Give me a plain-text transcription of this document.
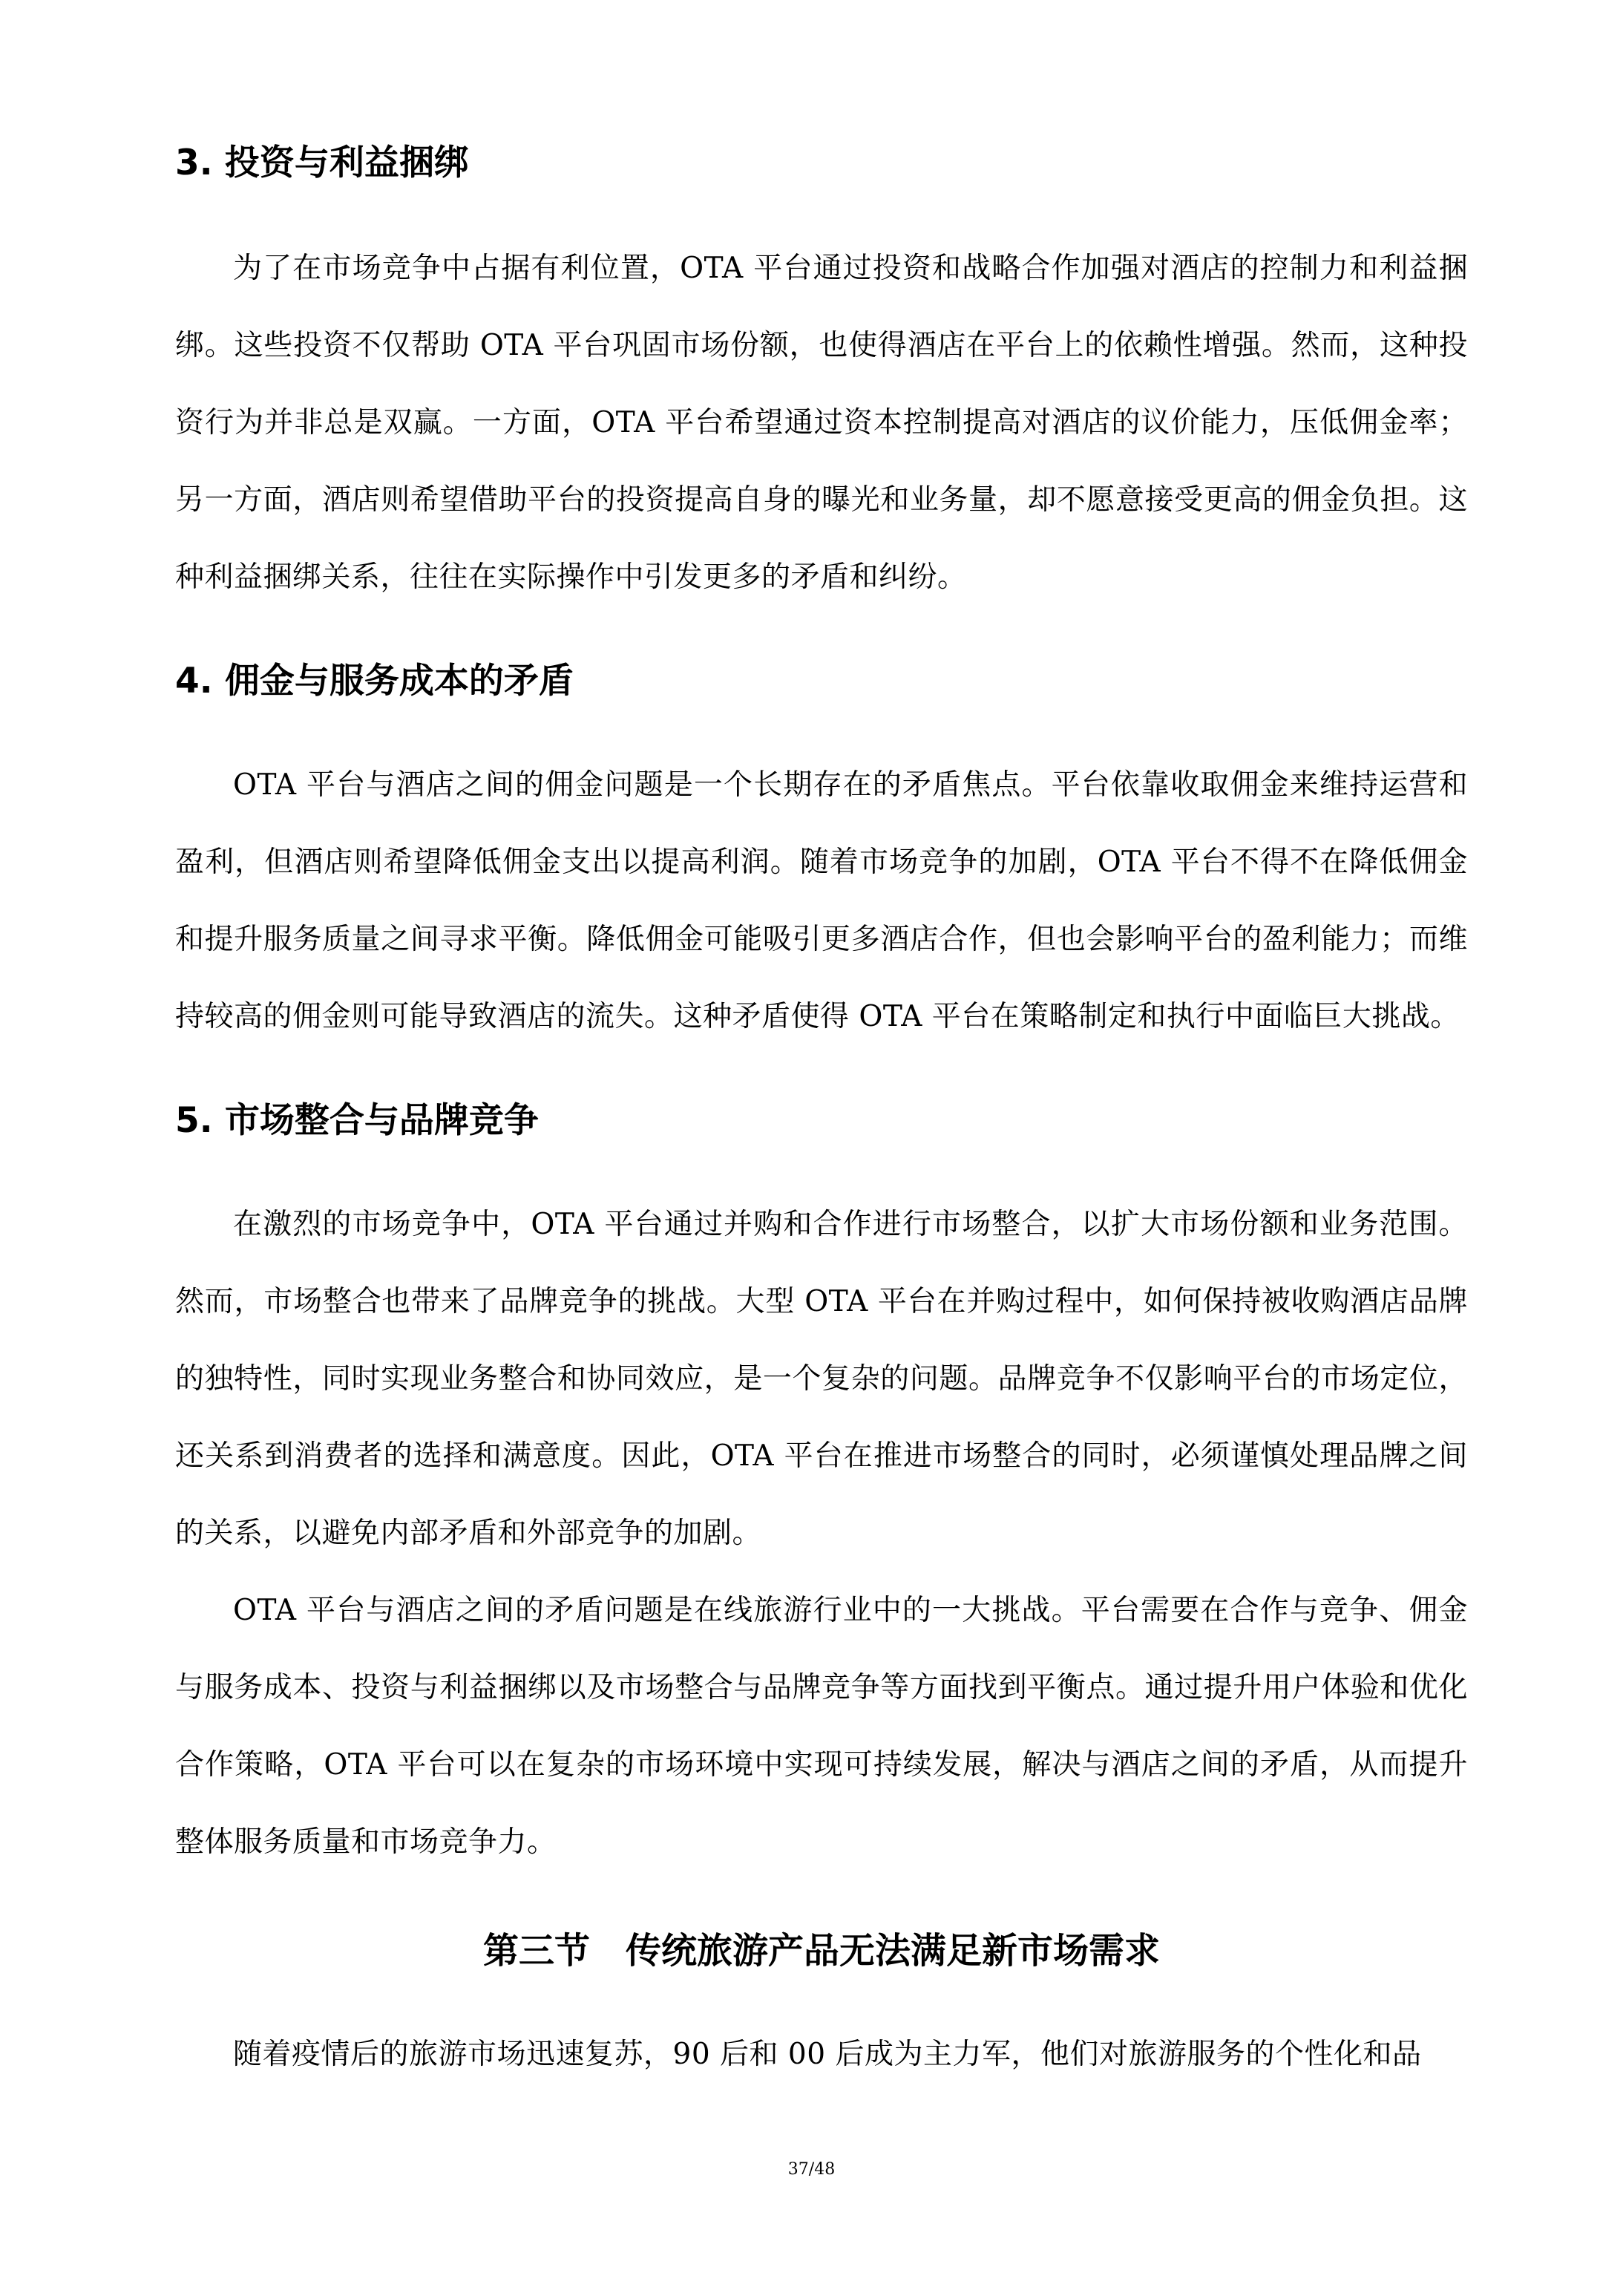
3. 投资与利益捆绑

为了在市场竞争中占据有利位置，OTA 平台通过投资和战略合作加强对酒店的控制力和利益捆绑。这些投资不仅帮助 OTA 平台巩固市场份额，也使得酒店在平台上的依赖性增强。然而，这种投资行为并非总是双赢。一方面，OTA 平台希望通过资本控制提高对酒店的议价能力，压低佣金率；另一方面，酒店则希望借助平台的投资提高自身的曝光和业务量，却不愿意接受更高的佣金负担。这种利益捆绑关系，往往在实际操作中引发更多的矛盾和纠纷。

4. 佣金与服务成本的矛盾

OTA 平台与酒店之间的佣金问题是一个长期存在的矛盾焦点。平台依靠收取佣金来维持运营和盈利，但酒店则希望降低佣金支出以提高利润。随着市场竞争的加剧，OTA 平台不得不在降低佣金和提升服务质量之间寻求平衡。降低佣金可能吸引更多酒店合作，但也会影响平台的盈利能力；而维持较高的佣金则可能导致酒店的流失。这种矛盾使得 OTA 平台在策略制定和执行中面临巨大挑战。

5. 市场整合与品牌竞争

在激烈的市场竞争中，OTA 平台通过并购和合作进行市场整合，以扩大市场份额和业务范围。然而，市场整合也带来了品牌竞争的挑战。大型 OTA 平台在并购过程中，如何保持被收购酒店品牌的独特性，同时实现业务整合和协同效应，是一个复杂的问题。品牌竞争不仅影响平台的市场定位，还关系到消费者的选择和满意度。因此，OTA 平台在推进市场整合的同时，必须谨慎处理品牌之间的关系，以避免内部矛盾和外部竞争的加剧。

OTA 平台与酒店之间的矛盾问题是在线旅游行业中的一大挑战。平台需要在合作与竞争、佣金与服务成本、投资与利益捆绑以及市场整合与品牌竞争等方面找到平衡点。通过提升用户体验和优化合作策略，OTA 平台可以在复杂的市场环境中实现可持续发展，解决与酒店之间的矛盾，从而提升整体服务质量和市场竞争力。

第三节　传统旅游产品无法满足新市场需求

随着疫情后的旅游市场迅速复苏，90 后和 00 后成为主力军，他们对旅游服务的个性化和品

37/48
